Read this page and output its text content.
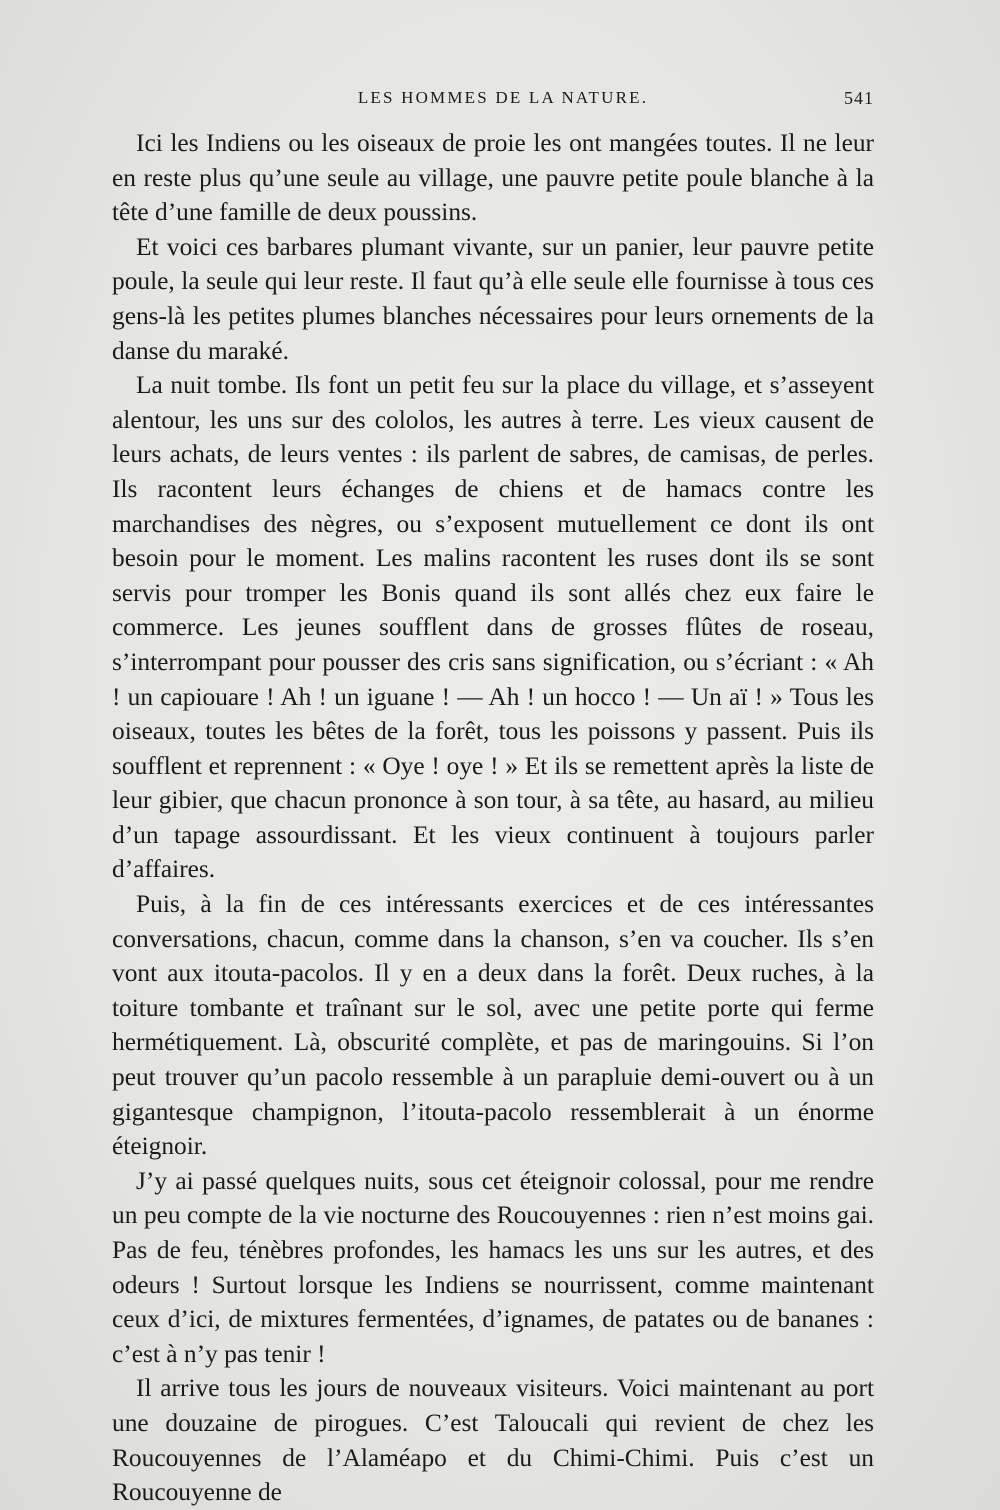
LES HOMMES DE LA NATURE.	541

Ici les Indiens ou les oiseaux de proie les ont mangées toutes. Il ne leur en reste plus qu’une seule au village, une pauvre petite poule blanche à la tête d’une famille de deux poussins.

Et voici ces barbares plumant vivante, sur un panier, leur pauvre petite poule, la seule qui leur reste. Il faut qu’à elle seule elle fournisse à tous ces gens-là les petites plumes blanches nécessaires pour leurs ornements de la danse du maraké.

La nuit tombe. Ils font un petit feu sur la place du village, et s’asseyent alentour, les uns sur des cololos, les autres à terre. Les vieux causent de leurs achats, de leurs ventes : ils parlent de sabres, de camisas, de perles. Ils racontent leurs échanges de chiens et de hamacs contre les marchandises des nègres, ou s’exposent mutuellement ce dont ils ont besoin pour le moment. Les malins racontent les ruses dont ils se sont servis pour tromper les Bonis quand ils sont allés chez eux faire le commerce. Les jeunes soufflent dans de grosses flûtes de roseau, s’interrompant pour pousser des cris sans signification, ou s’écriant : « Ah ! un capiouare ! Ah ! un iguane ! — Ah ! un hocco ! — Un aï ! » Tous les oiseaux, toutes les bêtes de la forêt, tous les poissons y passent. Puis ils soufflent et reprennent : « Oye ! oye ! » Et ils se remettent après la liste de leur gibier, que chacun prononce à son tour, à sa tête, au hasard, au milieu d’un tapage assourdissant. Et les vieux continuent à toujours parler d’affaires.

Puis, à la fin de ces intéressants exercices et de ces intéressantes conversations, chacun, comme dans la chanson, s’en va coucher. Ils s’en vont aux itouta-pacolos. Il y en a deux dans la forêt. Deux ruches, à la toiture tombante et traînant sur le sol, avec une petite porte qui ferme hermétiquement. Là, obscurité complète, et pas de maringouins. Si l’on peut trouver qu’un pacolo ressemble à un parapluie demi-ouvert ou à un gigantesque champignon, l’itouta-pacolo ressemblerait à un énorme éteignoir.

J’y ai passé quelques nuits, sous cet éteignoir colossal, pour me rendre un peu compte de la vie nocturne des Roucouyennes : rien n’est moins gai. Pas de feu, ténèbres profondes, les hamacs les uns sur les autres, et des odeurs ! Surtout lorsque les Indiens se nourrissent, comme maintenant ceux d’ici, de mixtures fermentées, d’ignames, de patates ou de bananes : c’est à n’y pas tenir !

Il arrive tous les jours de nouveaux visiteurs. Voici maintenant au port une douzaine de pirogues. C’est Taloucali qui revient de chez les Roucouyennes de l’Alaméapo et du Chimi-Chimi. Puis c’est un Roucouyenne de
